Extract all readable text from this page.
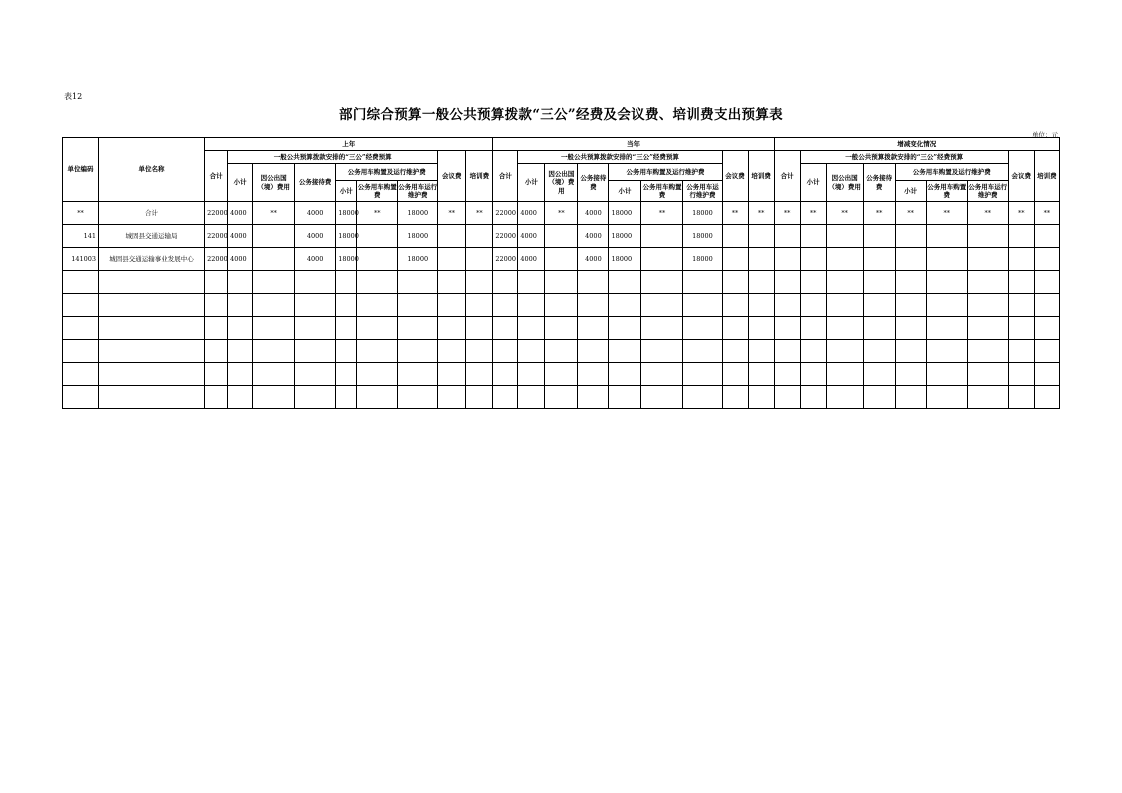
表12
部门综合预算一般公共预算拨款“三公”经费及会议费、培训费支出预算表
单位：元
单位编码	单位名称	上年									当年									增减变化情况								
		合计	一般公共预算拨款安排的“三公”经费预算						会议费	培训费	合计	一般公共预算拨款安排的“三公”经费预算						会议费	培训费	合计	一般公共预算拨款安排的“三公”经费预算						会议费	培训费
			小计	因公出国（境）费用	公务接待费	公务用车购置及运行维护费						小计	因公出国（境）费用	公务接待费	公务用车购置及运行维护费						小计	因公出国（境）费用	公务接待费	公务用车购置及运行维护费				
						小计	公务用车购置费	公务用车运行维护费							小计	公务用车购置费	公务用车运行维护费							小计	公务用车购置费	公务用车运行维护费		
**	合计	22000	4000	**	4000	18000	**	18000	**	**	22000	4000	**	4000	18000	**	18000	**	**	**	**	**	**	**	**	**	**	**
141	城固县交通运输局	22000	4000		4000	18000		18000			22000	4000		4000	18000		18000											
141003	城固县交通运输事业发展中心	22000	4000		4000	18000		18000			22000	4000		4000	18000		18000											
